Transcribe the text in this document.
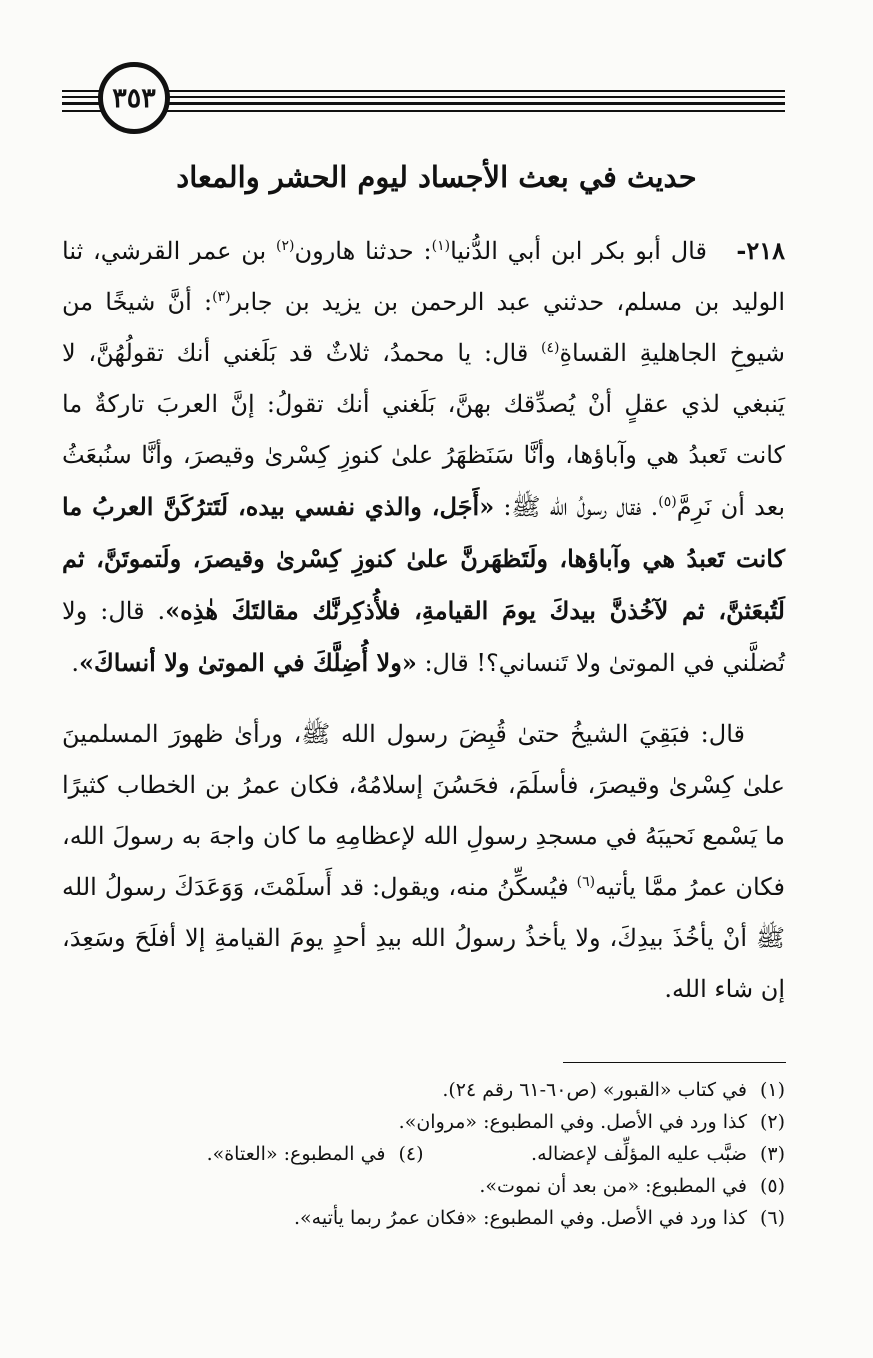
٣٥٣
حديث في بعث الأجساد ليوم الحشر والمعاد

٢١٨-   قال أبو بكر ابن أبي الدُّنيا$^{(١)}$: حدثنا هارون$^{(٢)}$ بن عمر القرشي، ثنا الوليد بن مسلم، حدثني عبد الرحمن بن يزيد بن جابر$^{(٣)}$: أنَّ شيخًا من شيوخِ الجاهليةِ القساةِ$^{(٤)}$ قال: يا محمدُ، ثلاثٌ قد بَلَغني أنك تقولُهُنَّ، لا يَنبغي لذي عقلٍ أنْ يُصدِّقك بهنَّ، بَلَغني أنك تقولُ: إنَّ العربَ تاركةٌ ما كانت تَعبدُ هي وآباؤها، وأنَّا سَنَظهَرُ علىٰ كنوزِ كِسْرىٰ وقيصرَ، وأنَّا سنُبعَثُ بعد أن نَرِمَّ$^{(٥)}$. فقال رسولُ الله ﷺ: «أَجَل، والذي نفسي بيده، لَتَترُكَنَّ العربُ ما كانت تَعبدُ هي وآباؤها، ولَتَظهَرنَّ علىٰ كنوزِ كِسْرىٰ وقيصرَ، ولَتموتَنَّ، ثم لَتُبعَثنَّ، ثم لآخُذنَّ بيدكَ يومَ القيامةِ، فلأُذكِرنَّك مقالتَكَ هٰذِه». قال: ولا تُضلَّني في الموتىٰ ولا تَنساني؟! قال: «ولا أُضِلَّكَ في الموتىٰ ولا أنساكَ».

قال: فبَقِيَ الشيخُ حتىٰ قُبِضَ رسول الله ﷺ، ورأىٰ ظهورَ المسلمينَ علىٰ كِسْرىٰ وقيصرَ، فأسلَمَ، فحَسُنَ إسلامُهُ، فكان عمرُ بن الخطاب كثيرًا ما يَسْمع نَحيبَهُ في مسجدِ رسولِ الله لإعظامِهِ ما كان واجهَ به رسولَ الله، فكان عمرُ ممَّا يأتيه$^{(٦)}$ فيُسكِّنُ منه، ويقول: قد أَسلَمْتَ، وَوَعَدَكَ رسولُ الله ﷺ أنْ يأخُذَ بيدِكَ، ولا يأخذُ رسولُ الله بيدِ أحدٍ يومَ القيامةِ إلا أفلَحَ وسَعِدَ، إن شاء الله.

(١)في كتاب «القبور» (ص٦٠-٦١ رقم ٢٤).
(٢)كذا ورد في الأصل. وفي المطبوع: «مروان».
(٣)ضبَّب عليه المؤلِّف لإعضاله.
(٤)في المطبوع: «العتاة».
(٥)في المطبوع: «من بعد أن نموت».
(٦)كذا ورد في الأصل. وفي المطبوع: «فكان عمرُ ربما يأتيه».
